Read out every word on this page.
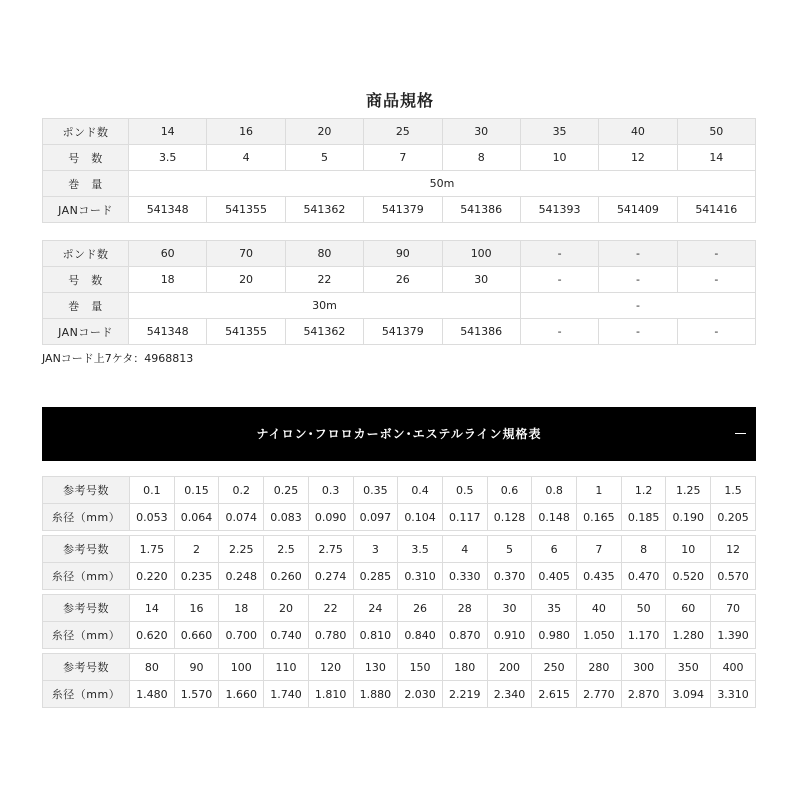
商品規格
ポンド数	14	16	20	25	30	35	40	50
号　数	3.5	4	5	7	8	10	12	14
巻　量	50m							
JANコード	541348	541355	541362	541379	541386	541393	541409	541416
ポンド数	60	70	80	90	100	-	-	-
号　数	18	20	22	26	30	-	-	-
巻　量	30m					-		
JANコード	541348	541355	541362	541379	541386	-	-	-
JANコード上7ケタ：4968813
ナイロン･フロロカーボン･エステルライン規格表
参考号数	0.1	0.15	0.2	0.25	0.3	0.35	0.4	0.5	0.6	0.8	1	1.2	1.25	1.5
糸径（mm）	0.053	0.064	0.074	0.083	0.090	0.097	0.104	0.117	0.128	0.148	0.165	0.185	0.190	0.205
参考号数	1.75	2	2.25	2.5	2.75	3	3.5	4	5	6	7	8	10	12
糸径（mm）	0.220	0.235	0.248	0.260	0.274	0.285	0.310	0.330	0.370	0.405	0.435	0.470	0.520	0.570
参考号数	14	16	18	20	22	24	26	28	30	35	40	50	60	70
糸径（mm）	0.620	0.660	0.700	0.740	0.780	0.810	0.840	0.870	0.910	0.980	1.050	1.170	1.280	1.390
参考号数	80	90	100	110	120	130	150	180	200	250	280	300	350	400
糸径（mm）	1.480	1.570	1.660	1.740	1.810	1.880	2.030	2.219	2.340	2.615	2.770	2.870	3.094	3.310
